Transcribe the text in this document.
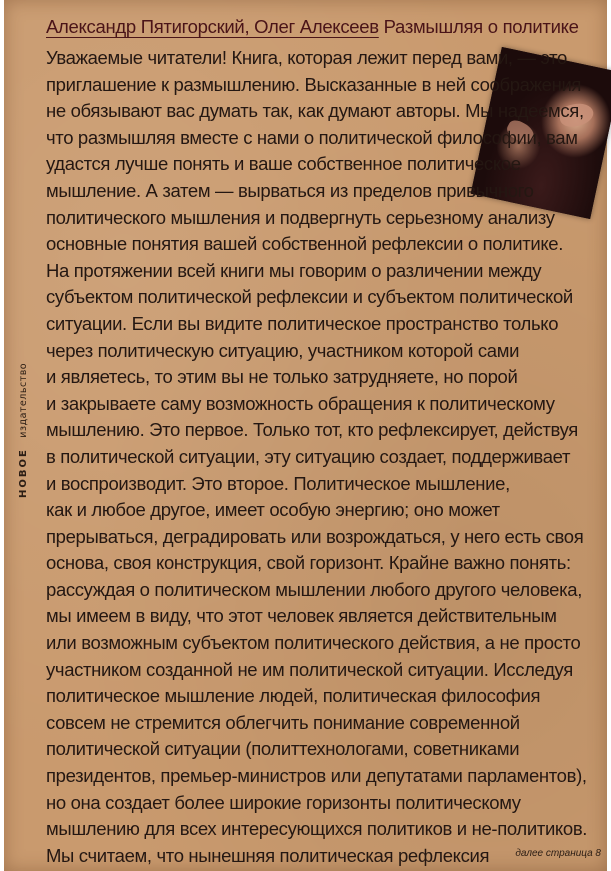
НОВОЕ издательство
Александр Пятигорский, Олег Алексеев Размышляя о политике
Уважаемые читатели! Книга, которая лежит перед вами, — это
приглашение к размышлению. Высказанные в ней соображения
не обязывают вас думать так, как думают авторы. Мы надеемся,
что размышляя вместе с нами о политической философии, вам
удастся лучше понять и ваше собственное политическое
мышление. А затем — вырваться из пределов привычного
политического мышления и подвергнуть серьезному анализу
основные понятия вашей собственной рефлексии о политике.
На протяжении всей книги мы говорим о различении между
субъектом политической рефлексии и субъектом политической
ситуации. Если вы видите политическое пространство только
через политическую ситуацию, участником которой сами
и являетесь, то этим вы не только затрудняете, но порой
и закрываете саму возможность обращения к политическому
мышлению. Это первое. Только тот, кто рефлексирует, действуя
в политической ситуации, эту ситуацию создает, поддерживает
и воспроизводит. Это второе. Политическое мышление,
как и любое другое, имеет особую энергию; оно может
прерываться, деградировать или возрождаться, у него есть своя
основа, своя конструкция, свой горизонт. Крайне важно понять:
рассуждая о политическом мышлении любого другого человека,
мы имеем в виду, что этот человек является действительным
или возможным субъектом политического действия, а не просто
участником созданной не им политической ситуации. Исследуя
политическое мышление людей, политическая философия
совсем не стремится облегчить понимание современной
политической ситуации (политтехнологами, советниками
президентов, премьер-министров или депутатами парламентов),
но она создает более широкие горизонты политическому
мышлению для всех интересующихся политиков и не-политиков.
Мы считаем, что нынешняя политическая рефлексия	далее страница 8
